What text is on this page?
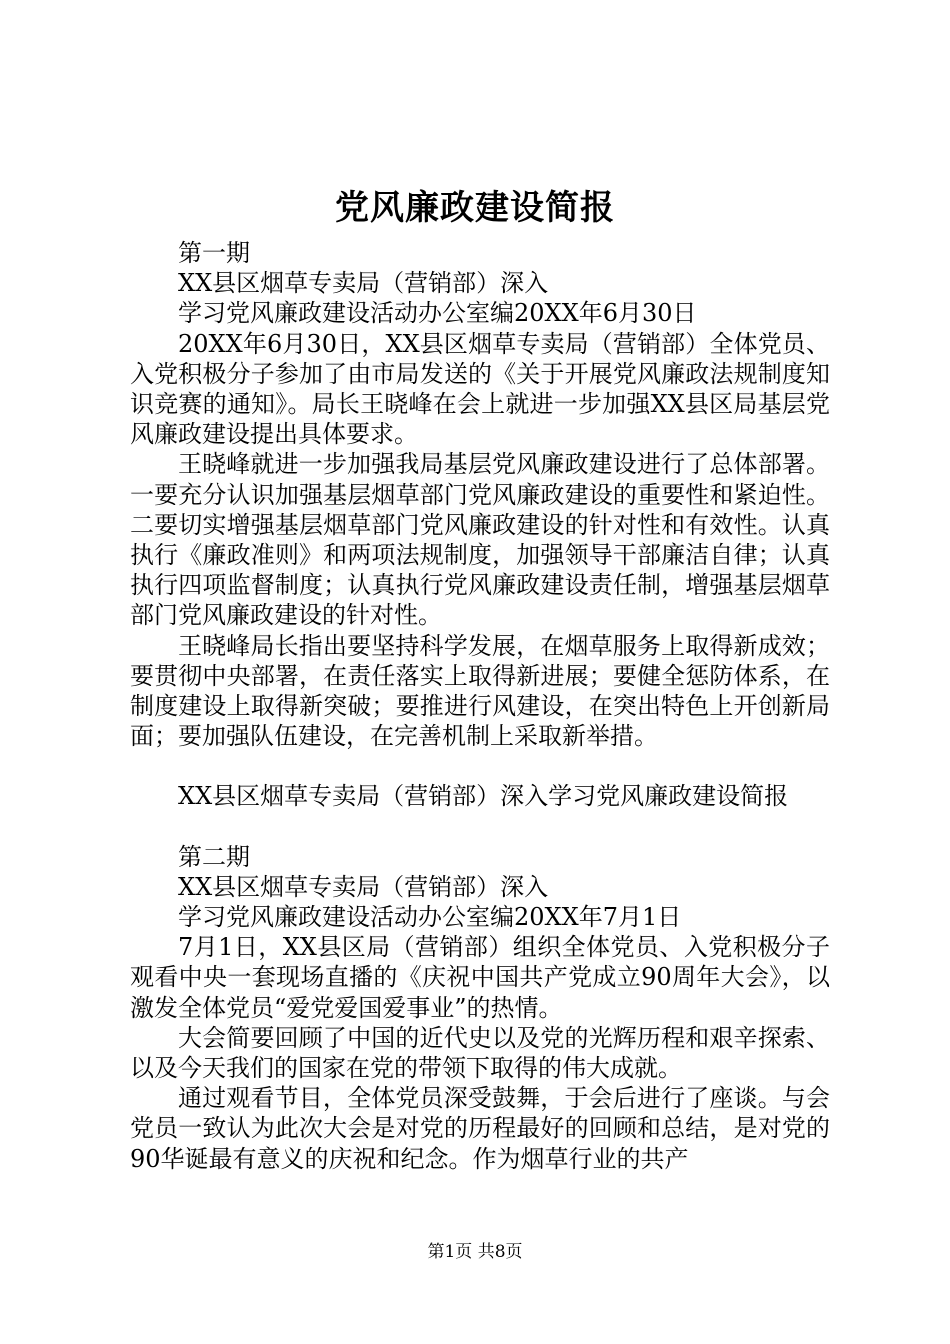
党风廉政建设简报

第一期

XX县区烟草专卖局（营销部）深入

学习党风廉政建设活动办公室编20XX年6月30日

20XX年6月30日，XX县区烟草专卖局（营销部）全体党员、入党积极分子参加了由市局发送的《关于开展党风廉政法规制度知识竞赛的通知》。局长王晓峰在会上就进一步加强XX县区局基层党风廉政建设提出具体要求。

王晓峰就进一步加强我局基层党风廉政建设进行了总体部署。一要充分认识加强基层烟草部门党风廉政建设的重要性和紧迫性。二要切实增强基层烟草部门党风廉政建设的针对性和有效性。认真执行《廉政准则》和两项法规制度，加强领导干部廉洁自律；认真执行四项监督制度；认真执行党风廉政建设责任制，增强基层烟草部门党风廉政建设的针对性。

王晓峰局长指出要坚持科学发展，在烟草服务上取得新成效；要贯彻中央部署，在责任落实上取得新进展；要健全惩防体系，在制度建设上取得新突破；要推进行风建设，在突出特色上开创新局面；要加强队伍建设，在完善机制上采取新举措。

XX县区烟草专卖局（营销部）深入学习党风廉政建设简报

第二期

XX县区烟草专卖局（营销部）深入

学习党风廉政建设活动办公室编20XX年7月1日

7月1日，XX县区局（营销部）组织全体党员、入党积极分子观看中央一套现场直播的《庆祝中国共产党成立90周年大会》，以激发全体党员“爱党爱国爱事业”的热情。

大会简要回顾了中国的近代史以及党的光辉历程和艰辛探索、以及今天我们的国家在党的带领下取得的伟大成就。

通过观看节目，全体党员深受鼓舞，于会后进行了座谈。与会党员一致认为此次大会是对党的历程最好的回顾和总结，是对党的90华诞最有意义的庆祝和纪念。作为烟草行业的共产

第1页 共8页
